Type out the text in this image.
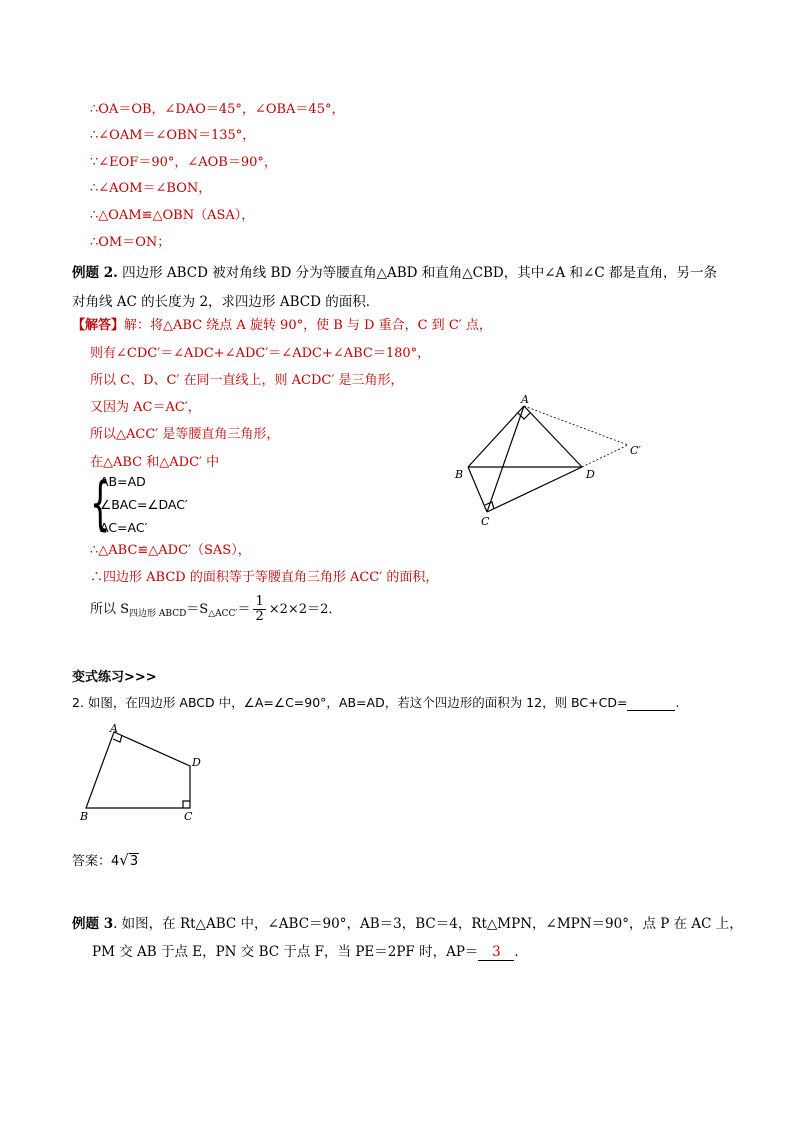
∴OA＝OB，∠DAO＝45°，∠OBA＝45°，
∴∠OAM＝∠OBN＝135°，
∵∠EOF＝90°，∠AOB＝90°，
∴∠AOM＝∠BON，
∴△OAM≌△OBN（ASA），
∴OM＝ON；
例题 2. 四边形 ABCD 被对角线 BD 分为等腰直角△ABD 和直角△CBD，其中∠A 和∠C 都是直角，另一条
对角线 AC 的长度为 2，求四边形 ABCD 的面积．
【解答】解：将△ABC 绕点 A 旋转 90°，使 B 与 D 重合，C 到 C′ 点，
则有∠CDC′＝∠ADC+∠ADC′＝∠ADC+∠ABC＝180°，
所以 C、D、C′ 在同一直线上，则 ACDC′ 是三角形，
又因为 AC＝AC′，
所以△ACC′ 是等腰直角三角形，
在△ABC 和△ADC′ 中
{
AB=AD
∠BAC=∠DAC′
AC=AC′
∴△ABC≌△ADC′（SAS），
∴四边形 ABCD 的面积等于等腰直角三角形 ACC′ 的面积，
所以 $S_{四边形 ABCD}=S_{\triangle ACC'}= \frac{1}{2} \times 2\times 2=2$．
A
B
C
D
C′
变式练习>>>
2. 如图，在四边形 ABCD 中，∠A=∠C=90°，AB=AD，若这个四边形的面积为 12，则 BC+CD=	.
A
B	C
D
答案：4√3
例题 3. 如图，在 Rt△ABC 中，∠ABC＝90°，AB＝3，BC＝4，Rt△MPN，∠MPN＝90°，点 P 在 AC 上，
PM 交 AB 于点 E，PN 交 BC 于点 F，当 PE＝2PF 时，AP＝ 3 ．
